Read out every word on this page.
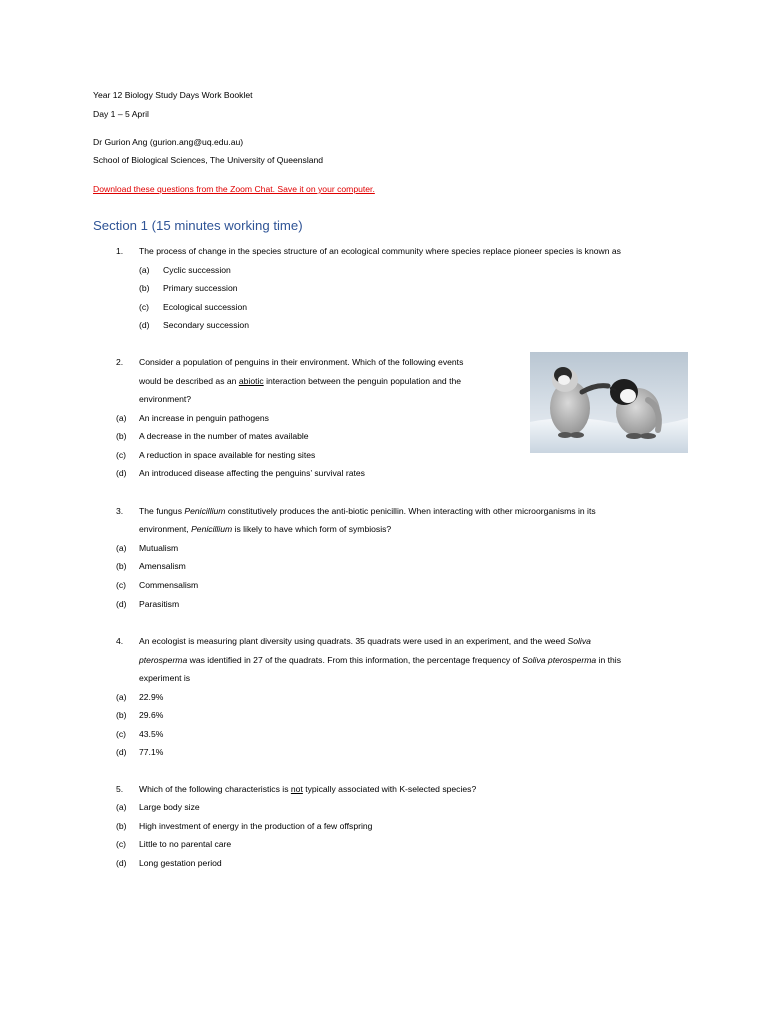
Year 12 Biology Study Days Work Booklet
Day 1 – 5 April
Dr Gurion Ang (gurion.ang@uq.edu.au)
School of Biological Sciences, The University of Queensland
Download these questions from the Zoom Chat. Save it on your computer.
Section 1 (15 minutes working time)
1. The process of change in the species structure of an ecological community where species replace pioneer species is known as
(a) Cyclic succession
(b) Primary succession
(c) Ecological succession
(d) Secondary succession
2. Consider a population of penguins in their environment. Which of the following events
would be described as an abiotic interaction between the penguin population and the
environment?
(a) An increase in penguin pathogens
(b) A decrease in the number of mates available
(c) A reduction in space available for nesting sites
(d) An introduced disease affecting the penguins’ survival rates
3. The fungus Penicillium constitutively produces the anti-biotic penicillin. When interacting with other microorganisms in its
environment, Penicillium is likely to have which form of symbiosis?
(a) Mutualism
(b) Amensalism
(c) Commensalism
(d) Parasitism
4. An ecologist is measuring plant diversity using quadrats. 35 quadrats were used in an experiment, and the weed Soliva
pterosperma was identified in 27 of the quadrats. From this information, the percentage frequency of Soliva pterosperma in this
experiment is
(a) 22.9%
(b) 29.6%
(c) 43.5%
(d) 77.1%
5. Which of the following characteristics is not typically associated with K-selected species?
(a) Large body size
(b) High investment of energy in the production of a few offspring
(c) Little to no parental care
(d) Long gestation period
